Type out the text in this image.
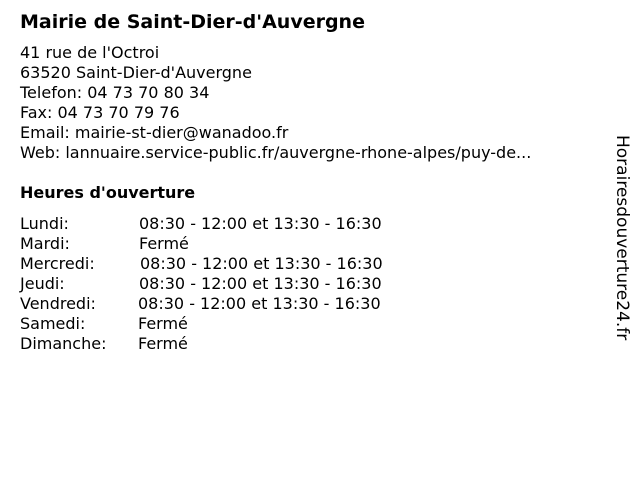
Mairie de Saint-Dier-d'Auvergne
41 rue de l'Octroi
63520 Saint-Dier-d'Auvergne
Telefon: 04 73 70 80 34
Fax: 04 73 70 79 76
Email: mairie-st-dier@wanadoo.fr
Web: lannuaire.service-public.fr/auvergne-rhone-alpes/puy-de...
Heures d'ouverture
Lundi:	08:30 - 12:00 et 13:30 - 16:30
Mardi:	Fermé
Mercredi:	08:30 - 12:00 et 13:30 - 16:30
Jeudi:	08:30 - 12:00 et 13:30 - 16:30
Vendredi:	08:30 - 12:00 et 13:30 - 16:30
Samedi:	Fermé
Dimanche: Fermé
Horairesdouverture24.fr
